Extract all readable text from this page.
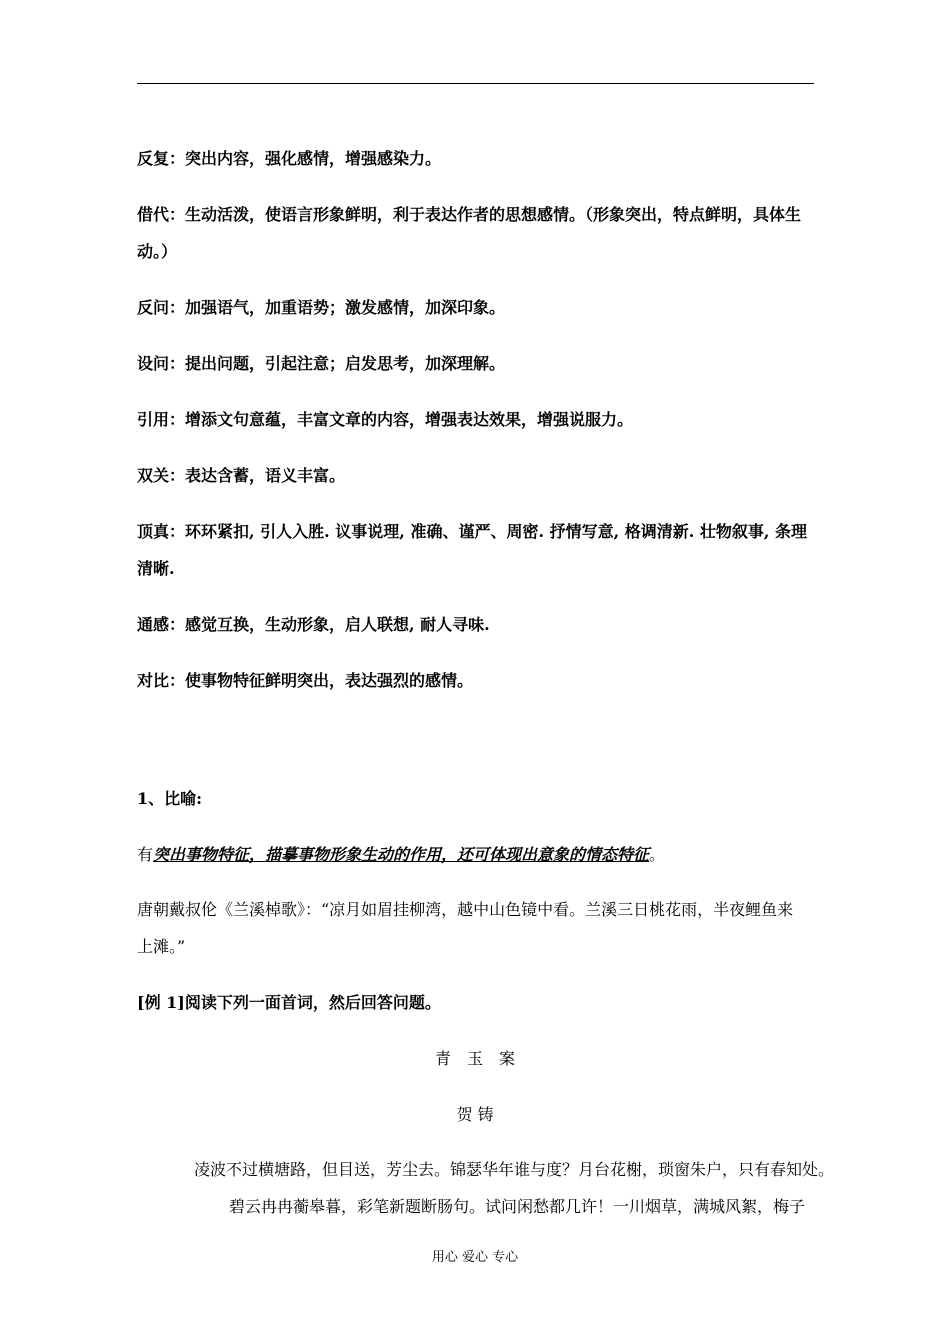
反复：突出内容，强化感情，增强感染力。
借代：生动活泼，使语言形象鲜明，利于表达作者的思想感情。（形象突出，特点鲜明，具体生
动。）
反问：加强语气，加重语势；激发感情，加深印象。
设问：提出问题，引起注意；启发思考，加深理解。
引用：增添文句意蕴，丰富文章的内容，增强表达效果，增强说服力。
双关：表达含蓄，语义丰富。
顶真：环环紧扣, 引人入胜. 议事说理, 准确、谨严、周密. 抒情写意, 格调清新. 壮物叙事, 条理
清晰.
通感：感觉互换，生动形象，启人联想, 耐人寻味.
对比：使事物特征鲜明突出，表达强烈的感情。
1、比喻:
有突出事物特征，描摹事物形象生动的作用，还可体现出意象的情态特征。
唐朝戴叔伦《兰溪棹歌》：“凉月如眉挂柳湾，越中山色镜中看。兰溪三日桃花雨，半夜鲤鱼来
上滩。”
[例 1]阅读下列一面首词，然后回答问题。
青　玉　案
贺 铸
凌波不过横塘路，但目送，芳尘去。锦瑟华年谁与度？月台花榭，琐窗朱户，只有春知处。
碧云冉冉蘅皋暮，彩笔新题断肠句。试问闲愁都几许！一川烟草，满城风絮，梅子
用心 爱心 专心
